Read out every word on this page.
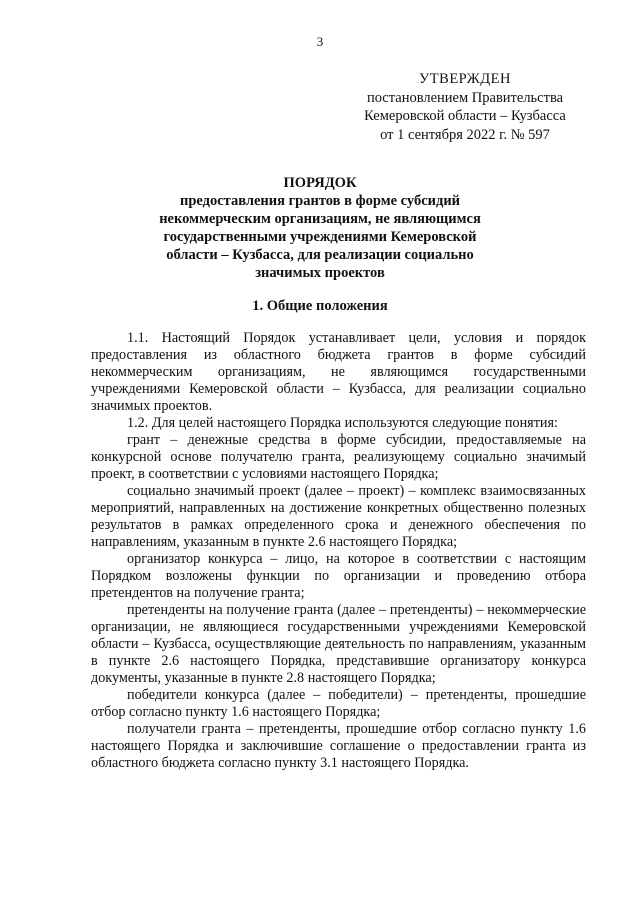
3
УТВЕРЖДЕН
постановлением Правительства
Кемеровской области – Кузбасса
от 1 сентября 2022 г. № 597
ПОРЯДОК
предоставления грантов в форме субсидий
некоммерческим организациям, не являющимся
государственными учреждениями Кемеровской
области – Кузбасса, для реализации социально
значимых проектов
1. Общие положения

1.1. Настоящий Порядок устанавливает цели, условия и порядок предоставления из областного бюджета грантов в форме субсидий некоммерческим организациям, не являющимся государственными учреждениями Кемеровской области – Кузбасса, для реализации социально значимых проектов.

1.2. Для целей настоящего Порядка используются следующие понятия:

грант – денежные средства в форме субсидии, предоставляемые на конкурсной основе получателю гранта, реализующему социально значимый проект, в соответствии с условиями настоящего Порядка;

социально значимый проект (далее – проект) – комплекс взаимосвязанных мероприятий, направленных на достижение конкретных общественно полезных результатов в рамках определенного срока и денежного обеспечения по направлениям, указанным в пункте 2.6 настоящего Порядка;

организатор конкурса – лицо, на которое в соответствии с настоящим Порядком возложены функции по организации и проведению отбора претендентов на получение гранта;

претенденты на получение гранта (далее – претенденты) – некоммерческие организации, не являющиеся государственными учреждениями Кемеровской области – Кузбасса, осуществляющие деятельность по направлениям, указанным в пункте 2.6 настоящего Порядка, представившие организатору конкурса документы, указанные в пункте 2.8 настоящего Порядка;

победители конкурса (далее – победители) – претенденты, прошедшие отбор согласно пункту 1.6 настоящего Порядка;

получатели гранта – претенденты, прошедшие отбор согласно пункту 1.6 настоящего Порядка и заключившие соглашение о предоставлении гранта из областного бюджета согласно пункту 3.1 настоящего Порядка.
